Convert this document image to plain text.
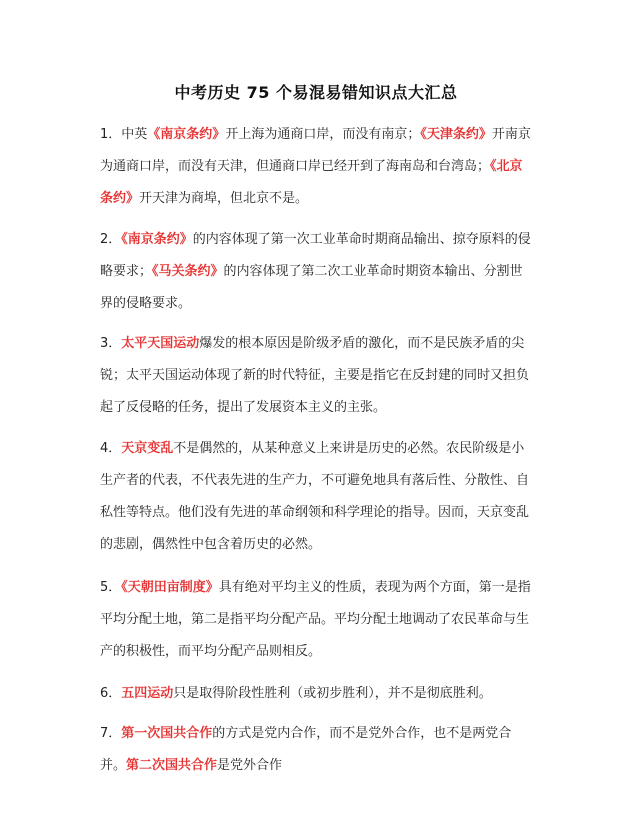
中考历史 75 个易混易错知识点大汇总
1．中英《南京条约》开上海为通商口岸，而没有南京；《天津条约》开南京为通商口岸，而没有天津，但通商口岸已经开到了海南岛和台湾岛；《北京条约》开天津为商埠，但北京不是。
2．《南京条约》的内容体现了第一次工业革命时期商品输出、掠夺原料的侵略要求；《马关条约》的内容体现了第二次工业革命时期资本输出、分割世界的侵略要求。
3．太平天国运动爆发的根本原因是阶级矛盾的激化，而不是民族矛盾的尖锐；太平天国运动体现了新的时代特征，主要是指它在反封建的同时又担负起了反侵略的任务，提出了发展资本主义的主张。
4．天京变乱不是偶然的，从某种意义上来讲是历史的必然。农民阶级是小生产者的代表，不代表先进的生产力，不可避免地具有落后性、分散性、自私性等特点。他们没有先进的革命纲领和科学理论的指导。因而，天京变乱的悲剧，偶然性中包含着历史的必然。
5．《天朝田亩制度》具有绝对平均主义的性质，表现为两个方面，第一是指平均分配土地，第二是指平均分配产品。平均分配土地调动了农民革命与生产的积极性，而平均分配产品则相反。
6．五四运动只是取得阶段性胜利（或初步胜利），并不是彻底胜利。
7．第一次国共合作的方式是党内合作，而不是党外合作，也不是两党合并。第二次国共合作是党外合作
